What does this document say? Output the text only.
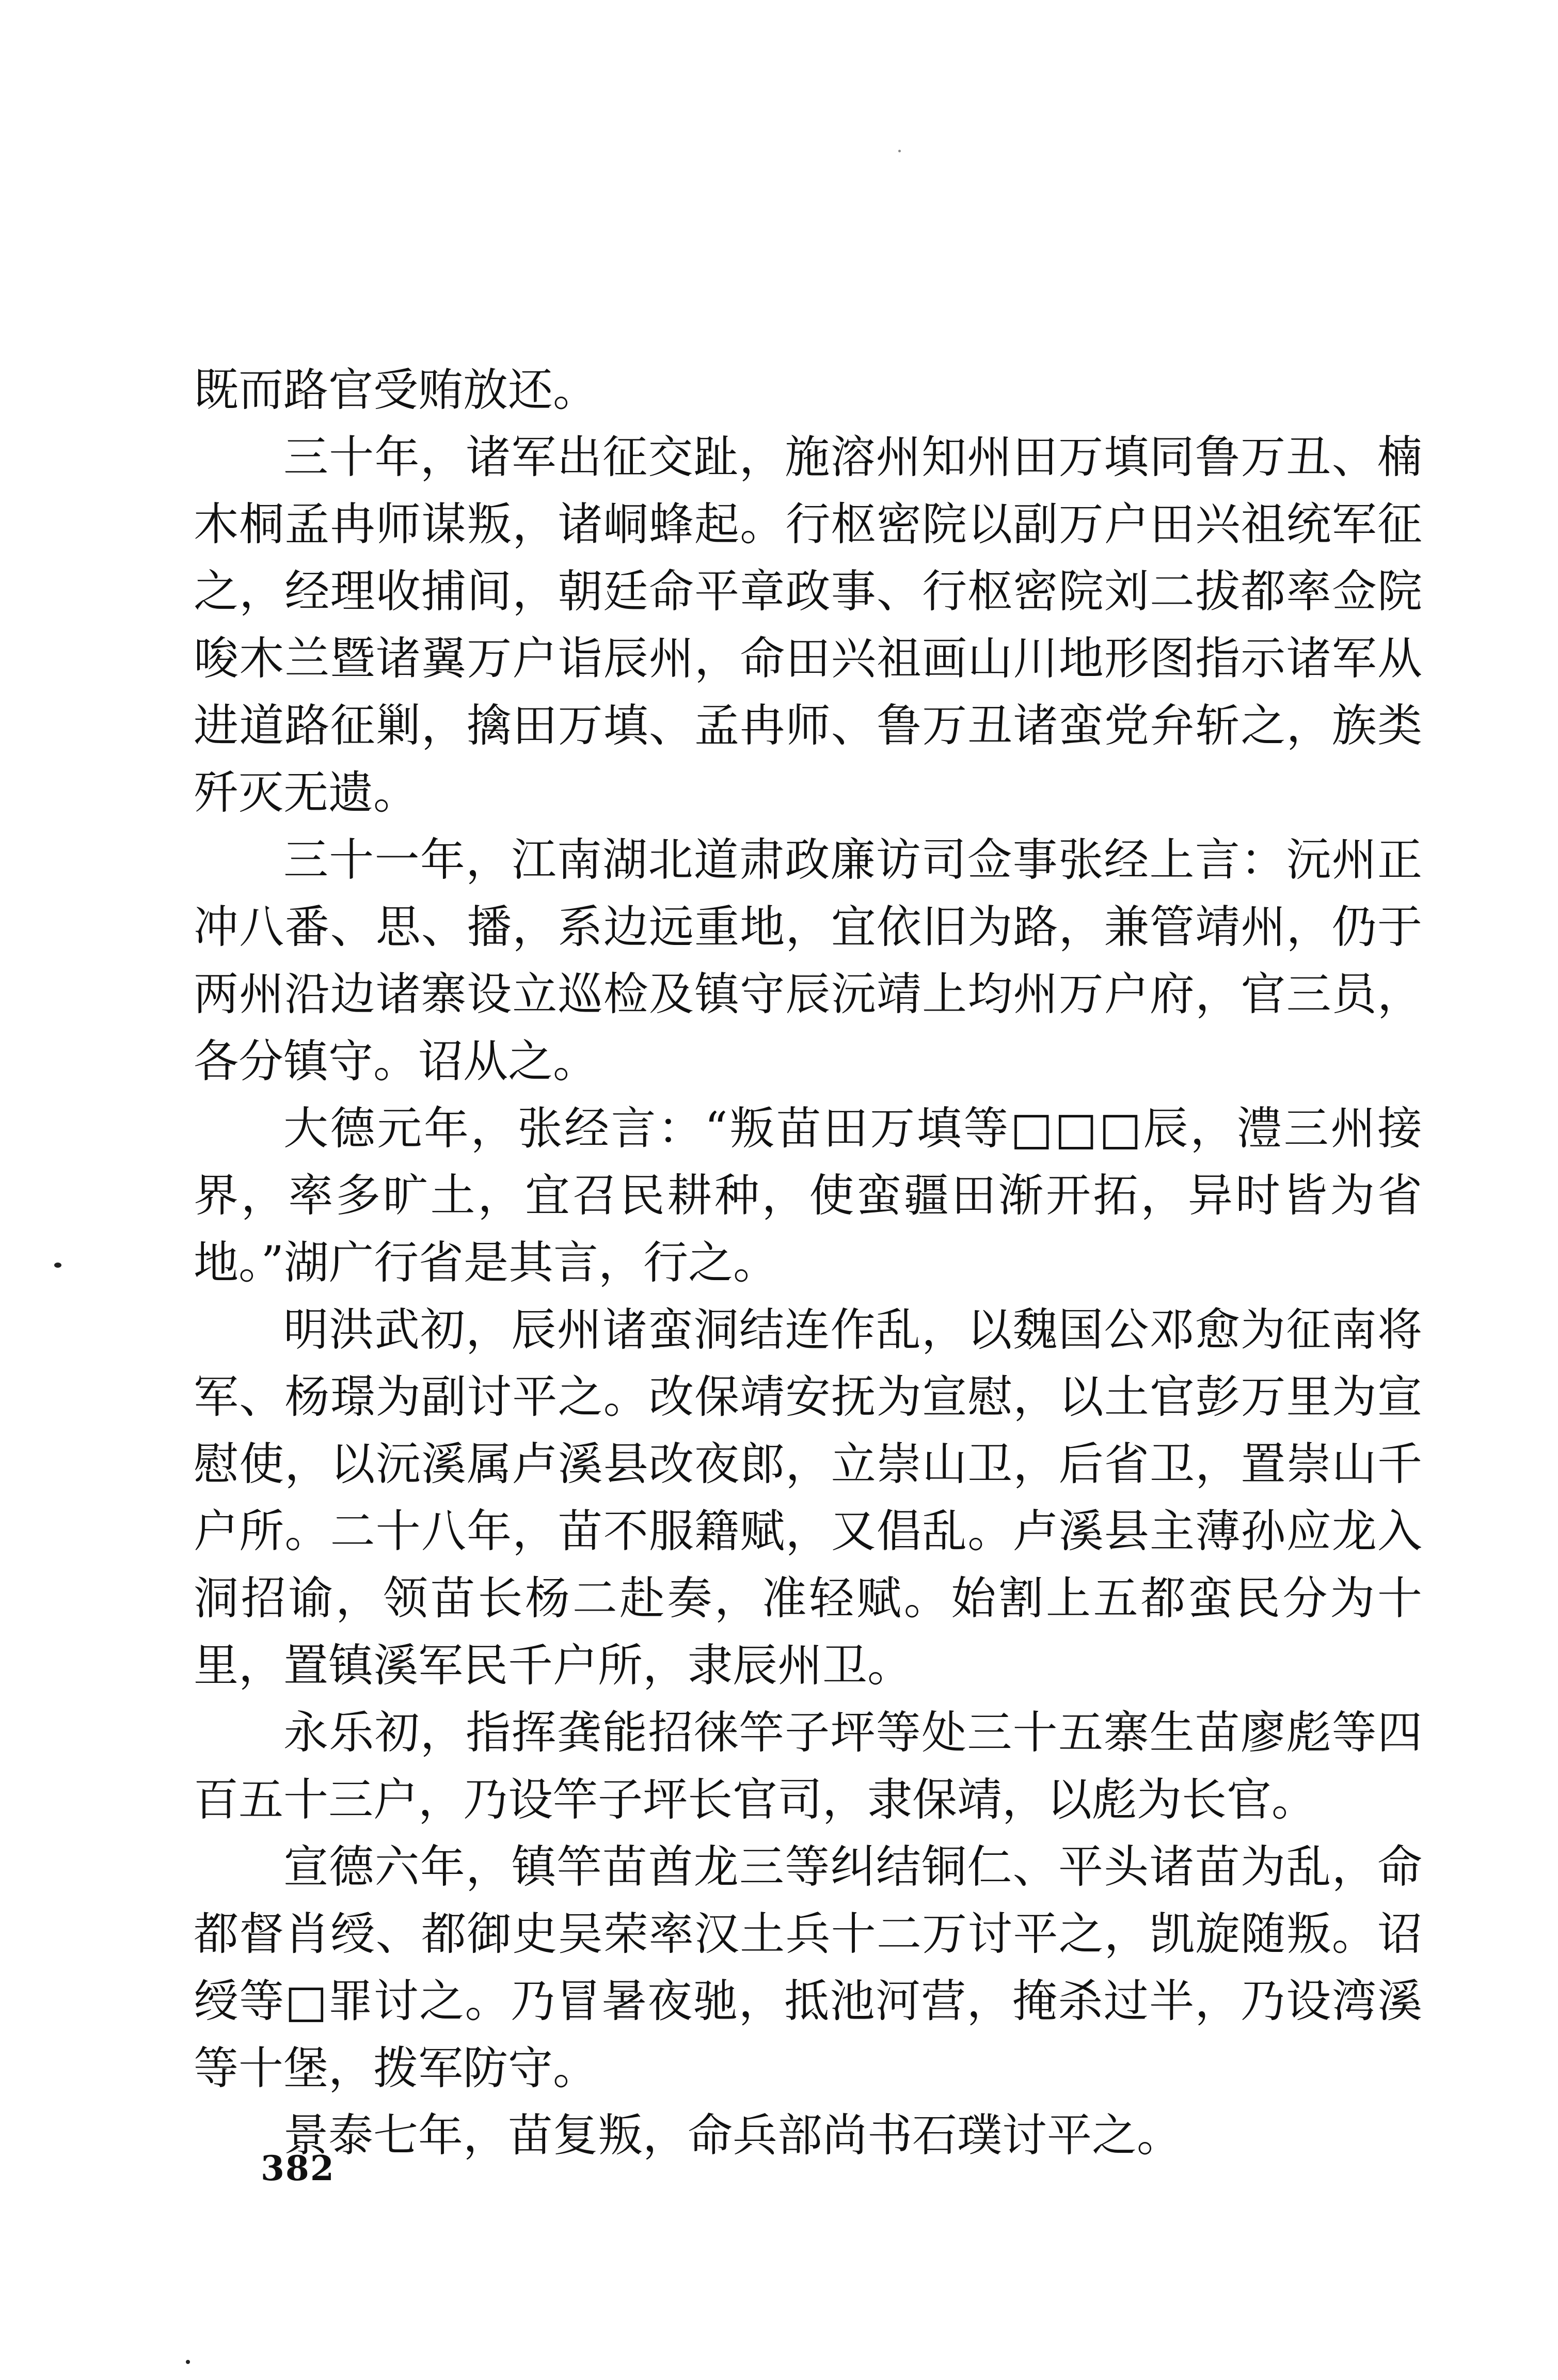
既而路官受贿放还。

三十年，诸军出征交趾，施溶州知州田万填同鲁万丑、楠木桐孟冉师谋叛，诸峒蜂起。行枢密院以副万户田兴祖统军征之，经理收捕间，朝廷命平章政事、行枢密院刘二拔都率佥院唆木兰暨诸翼万户诣辰州，命田兴祖画山川地形图指示诸军从进道路征剿，擒田万填、孟冉师、鲁万丑诸蛮党弁斩之，族类歼灭无遗。

三十一年，江南湖北道肃政廉访司佥事张经上言：沅州正冲八番、思、播，系边远重地，宜依旧为路，兼管靖州，仍于两州沿边诸寨设立巡检及镇守辰沅靖上均州万户府，官三员，各分镇守。诏从之。

大德元年，张经言：“叛苗田万填等□□□辰，澧三州接界，率多旷土，宜召民耕种，使蛮疆田渐开拓，异时皆为省地。”湖广行省是其言，行之。

明洪武初，辰州诸蛮洞结连作乱，以魏国公邓愈为征南将军、杨璟为副讨平之。改保靖安抚为宣慰，以土官彭万里为宣慰使，以沅溪属卢溪县改夜郎，立崇山卫，后省卫，置崇山千户所。二十八年，苗不服籍赋，又倡乱。卢溪县主薄孙应龙入洞招谕，领苗长杨二赴奏，准轻赋。始割上五都蛮民分为十里，置镇溪军民千户所，隶辰州卫。

永乐初，指挥龚能招徕竿子坪等处三十五寨生苗廖彪等四百五十三户，乃设竿子坪长官司，隶保靖，以彪为长官。

宣德六年，镇竿苗酋龙三等纠结铜仁、平头诸苗为乱，命都督肖绶、都御史吴荣率汉土兵十二万讨平之，凯旋随叛。诏绶等□罪讨之。乃冒暑夜驰，抵池河营，掩杀过半，乃设湾溪等十堡，拨军防守。

景泰七年，苗复叛，命兵部尚书石璞讨平之。

382
